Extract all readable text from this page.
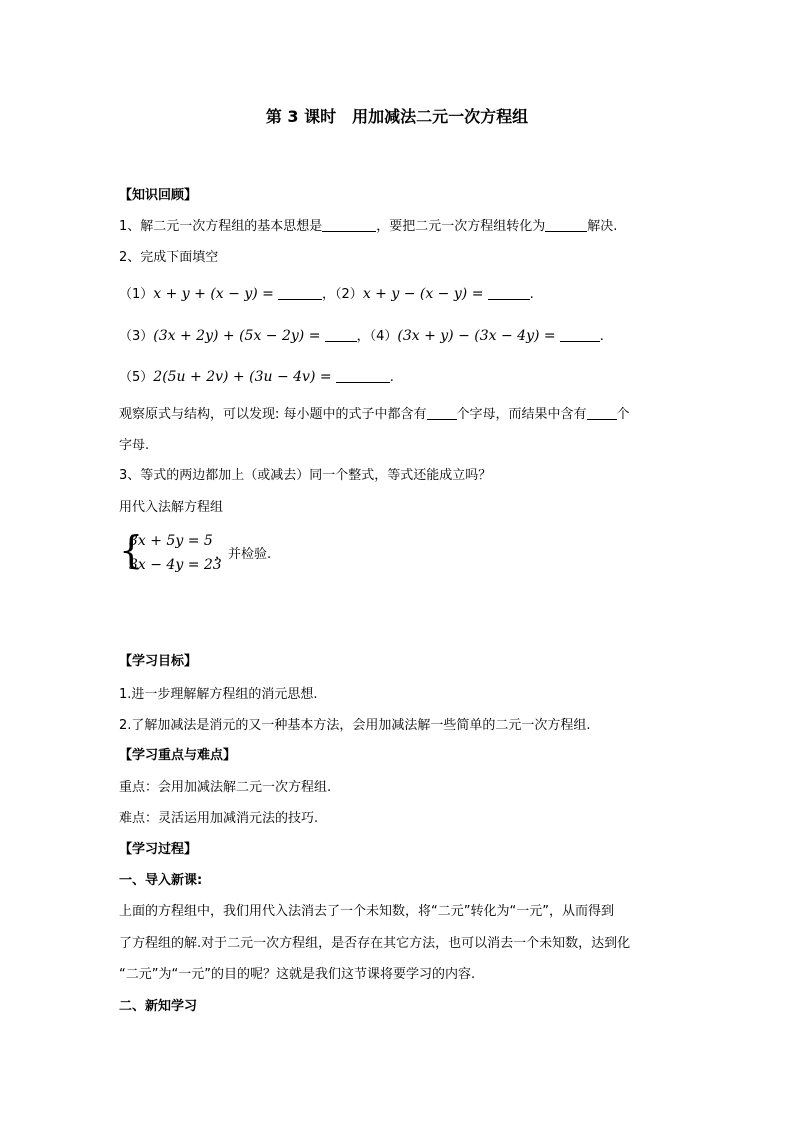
第 3 课时　用加减法二元一次方程组
【知识回顾】
1、解二元一次方程组的基本思想是	，要把二元一次方程组转化为	解决.
2、完成下面填空
（1）x + y + (x − y) =	，（2）x + y − (x − y) =	.
（3）(3x + 2y) + (5x − 2y) =	，（4）(3x + y) − (3x − 4y) =	.
（5）2(5u + 2v) + (3u − 4v) =	.
观察原式与结构，可以发现: 每小题中的式子中都含有 个字母，而结果中含有 个
字母.
3、等式的两边都加上（或减去）同一个整式，等式还能成立吗？
用代入法解方程组
{
3x + 5y = 5
3x − 4y = 23
，并检验.
【学习目标】
1.进一步理解解方程组的消元思想.
2.了解加减法是消元的又一种基本方法，会用加减法解一些简单的二元一次方程组.
【学习重点与难点】
重点：会用加减法解二元一次方程组.
难点：灵活运用加减消元法的技巧.
【学习过程】
一、导入新课:
上面的方程组中，我们用代入法消去了一个未知数，将“二元”转化为“一元”，从而得到
了方程组的解.对于二元一次方程组，是否存在其它方法，也可以消去一个未知数，达到化
“二元”为“一元”的目的呢？这就是我们这节课将要学习的内容.
二、新知学习
